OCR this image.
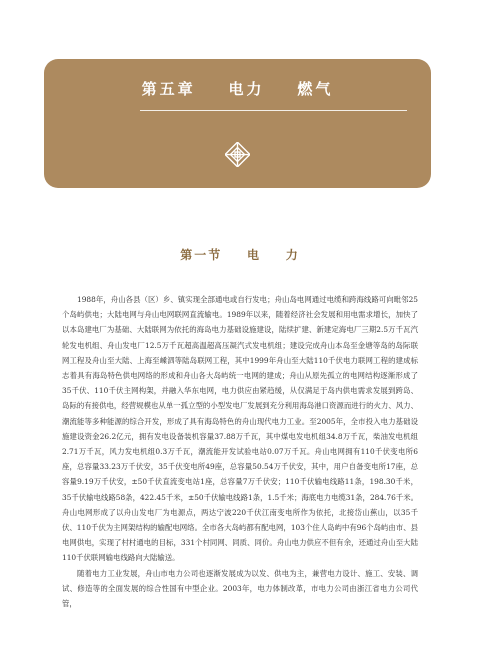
第五章    电力    燃气
第一节    电    力

1988年，舟山各县（区）乡、镇实现全部通电或自行发电；舟山岛电网通过电缆和跨海线路可向毗邻25个岛屿供电；大陆电网与舟山电网联网直流输电。1989年以来，随着经济社会发展和用电需求增长，加快了以本岛建电厂为基础、大陆联网为依托的海岛电力基础设施建设，陆续扩建、新建定海电厂三期2.5万千瓦汽轮发电机组、舟山发电厂12.5万千瓦超高温超高压凝汽式发电机组；建设完成舟山本岛至金塘等岛的岛际联网工程及舟山至大陆、上海至嵊泗等陆岛联网工程，其中1999年舟山至大陆110千伏电力联网工程的建成标志着具有海岛特色供电网络的形成和舟山各大岛屿统一电网的建成；舟山从原先孤立的电网结构逐渐形成了35千伏、110千伏主网构架，并融入华东电网，电力供应由紧趋缓，从仅满足于岛内供电需求发展到跨岛、岛际的有接供电，经营规模也从单一孤立型的小型发电厂发展到充分利用海岛港口资源而进行的火力、风力、潮流能等多种能源的综合开发，形成了具有海岛特色的舟山现代电力工业。至2005年，全市投入电力基础设施建设资金26.2亿元，拥有发电设备装机容量37.88万千瓦，其中煤电发电机组34.8万千瓦，柴油发电机组2.71万千瓦，风力发电机组0.3万千瓦，潮流能开发试验电站0.07万千瓦。舟山电网拥有110千伏变电所6座，总容量33.23万千伏安，35千伏变电所49座，总容量50.54万千伏安，其中，用户自备变电所17座，总容量9.19万千伏安，±50千伏直流变电站1座，总容量7万千伏安；110千伏输电线路11条，198.30千米，35千伏输电线路58条，422.45千米，±50千伏输电线路1条，1.5千米；海底电力电缆31条，284.76千米。舟山电网形成了以舟山发电厂为电源点，两达宁波220千伏江南变电所作为依托，北接岱山蕉山，以35千伏、110千伏为主网架结构的输配电网络。全市各大岛屿都有配电网，103个住人岛屿中有96个岛屿由市、县电网供电，实现了村村通电的目标，331个村同网、同质、同价。舟山电力供应不但有余，还通过舟山至大陆110千伏联网输电线路向大陆输送。

随着电力工业发展，舟山市电力公司也逐渐发展成为以发、供电为主，兼营电力设计、施工、安装、调试、修造等的全面发展的综合性国有中型企业。2003年，电力体制改革，市电力公司由浙江省电力公司代管，
